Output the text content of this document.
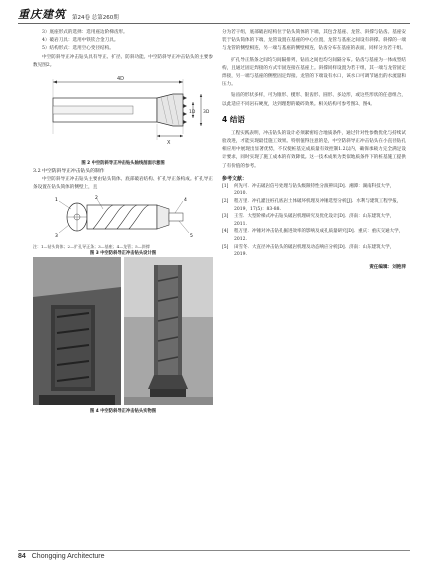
重庆建筑 第24卷 总第260期

3）底座形式的选择：选用座边阶梯齿形。

4）破岩刀具：选用中铁钦合金刀具。

5）结构形式：选用空心变径结构。

中空防斜导正冲击钻头具有导正、扩径、防斜功能。中空防斜导正冲击钻头的主要参数见图2。

4D
1D 3D
X
图 2 中空防斜导正冲击钻头轴线剖面示意图
3.2 中空防斜导正冲击钻头的制作

中空防斜导正冲击钻头主要由钻头筒体、底部破岩结构、扩孔导正条构成。扩孔导正条设置在钻头筒体的侧壁上，且

1	2
3
4
5
注：1—钻头筒体；2—扩孔导正条；3—基座；4—龙管；5—斜撑
图 3 中空防斜导正冲击钻头设计图
图 4 中空防斜导正冲击钻头实物图

分为若干组，底部破岩结构位于钻头筒体的下端，其包含基座、龙管、斜撑与钻齿。基座安装于钻头筒体的下端，龙管设置在基座的中心位置，龙管与基座之间设有斜撑。斜撑的一端与龙管的侧壁相连，另一端与基座的侧壁相连，钻齿分布在基座的表面，同样分为若干组。

扩孔导正筋条之间均匀间隔排列，钻齿之间也均匀间隔分布。钻齿与基座为一体成型结构，且通过固定焊接的方式牢固连接在基座上。斜撑同样设置为若干组，其一端与龙管固定焊接，另一端与基座的侧壁固定焊接。龙管的下端设有水口，该水口可调节通出的水流量和压力。

钻齿的形状多样，可为锥形、楔形、银齿形、圆形、多边形，或这些形状的任意组合，以此适应不同岩石硬度，达到理想的破碎效果。相关结构可参考图3、图4。

4 结语

工程实践表明，冲击钻头的设计必须紧密结合地质条件，通过针对性参数优化与持续试验改进，才能实现最佳施工效果。特别值得注意的是，中空防斜导正冲击钻头在小直径钻孔相应用中展现出显著优势，不仅使桩基完成质量有效控制1.2以内，确保承载力完全满足设计要求，同时实现了施工成本的有效降低。这一技术成果为类似地质条件下的桩基施工提供了有价值的参考。

参考文献：
[1]	何先可．冲击破岩信号处理与钻头级限特性分演辨识[D]．湘潭：湖南科技大学，2010.
[2]	程万里．冲孔灌注桩孔底岩土体破坏机理及冲锤选型分析[J]．水利与建筑工程学报，2019，17(5)：83-88.
[3]	王雪．大型阶梯式冲击钻头破岩机理研究及优化设计[D]．济南：山东建筑大学，2011.
[4]	程万里．冲锤对冲击钻孔掘进效率的影响及成孔质量研究[D]．重庆：重庆交通大学，2012.
[5]	田雪冬．大直径冲击钻头的破岩机理及动态响应分析[D]．济南：山东建筑大学，2019.
责任编辑：刘艳萍
84 Chongqing Architecture
